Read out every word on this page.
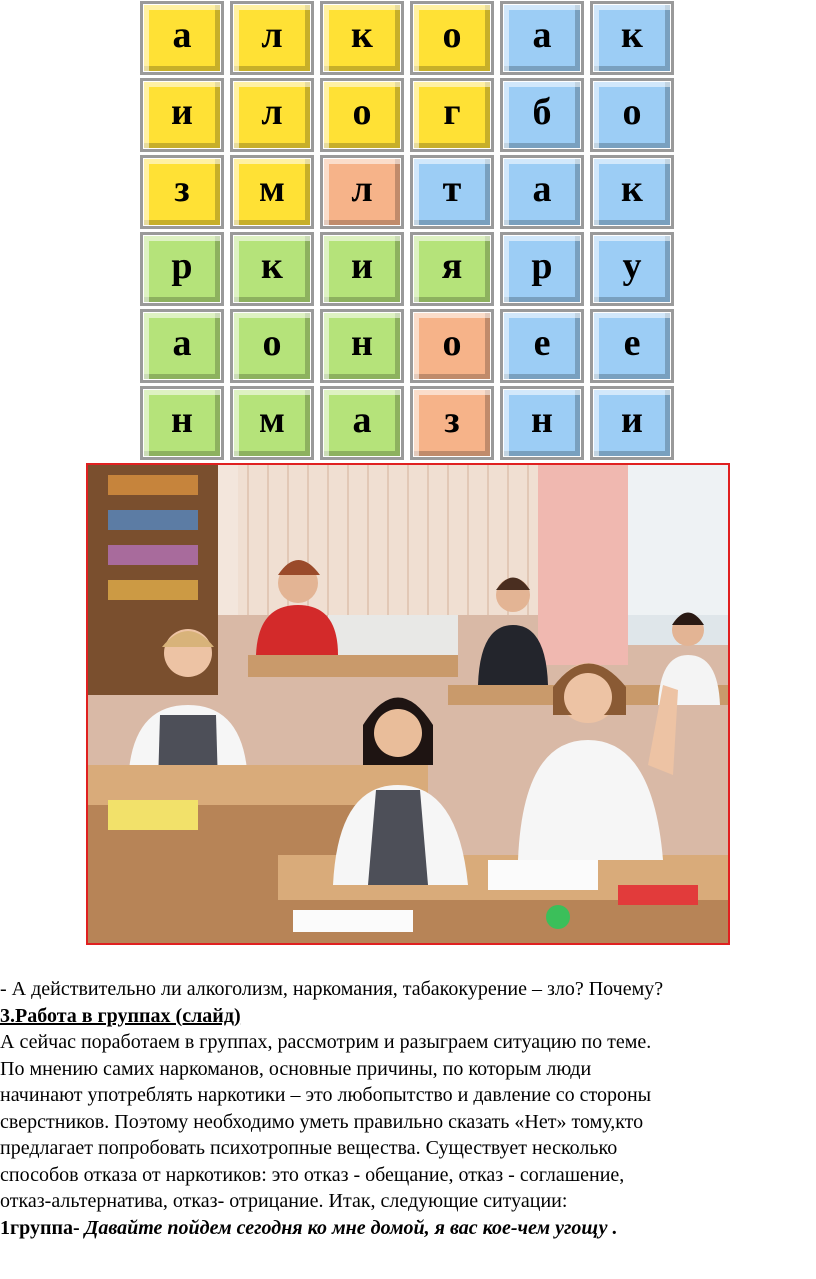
а л к о а к
и л о г б о
з м л т а к
р к и я р у
а о н о е е
н м а з н и

- А действительно ли алкоголизм, наркомания, табакокурение – зло? Почему?

3.Работа в группах (слайд)

А сейчас поработаем в группах, рассмотрим и разыграем ситуацию по теме.

По мнению самих наркоманов, основные причины, по которым люди

начинают употреблять наркотики – это любопытство и давление со стороны

сверстников. Поэтому необходимо уметь правильно сказать «Нет» тому,кто

предлагает попробовать психотропные вещества. Существует несколько

способов отказа от наркотиков: это отказ - обещание, отказ - соглашение,

отказ-альтернатива, отказ- отрицание. Итак, следующие ситуации:

1группа- Давайте пойдем сегодня ко мне домой, я вас кое-чем угощу .
